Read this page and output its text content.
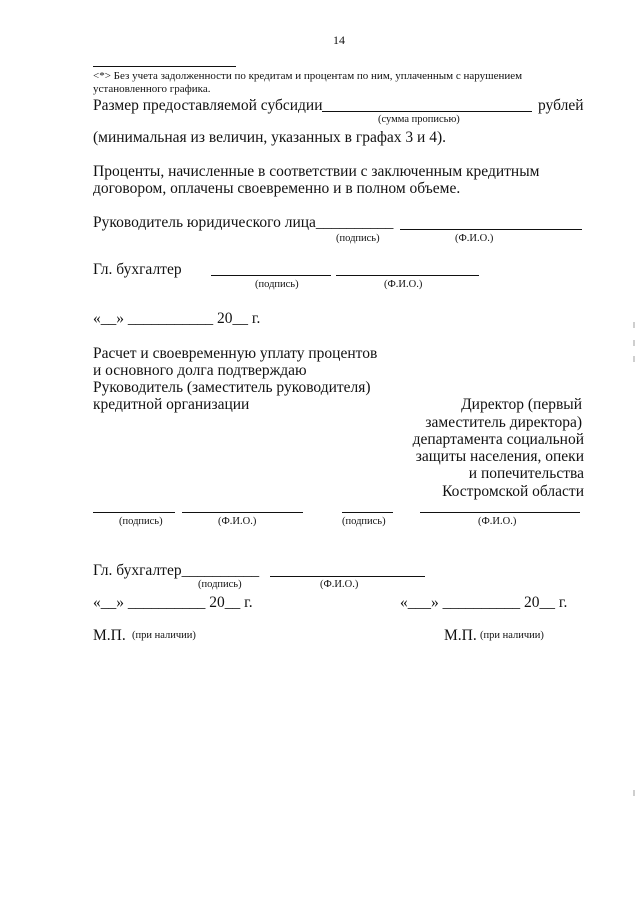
14
<*> Без учета задолженности по кредитам и процентам по ним, уплаченным с нарушением
установленного графика.
Размер предоставляемой субсидии	рублей
(сумма прописью)
(минимальная из величин, указанных в графах 3 и 4).
Проценты, начисленные в соответствии с заключенным кредитным
договором, оплачены своевременно и в полном объеме.
Руководитель юридического лица__________
(подпись)	(Ф.И.О.)
Гл. бухгалтер
(подпись)	(Ф.И.О.)
«__» ___________ 20__ г.
Расчет и своевременную уплату процентов
и основного долга подтверждаю
Руководитель (заместитель руководителя)
кредитной организации	Директор (первый
заместитель директора)
департамента социальной
защиты населения, опеки
и попечительства
Костромской области
(подпись)	(Ф.И.О.)	(подпись)	(Ф.И.О.)
Гл. бухгалтер__________
(подпись)	(Ф.И.О.)
«__» __________ 20__ г.	«___» __________ 20__ г.
М.П. (при наличии)	М.П. (при наличии)
